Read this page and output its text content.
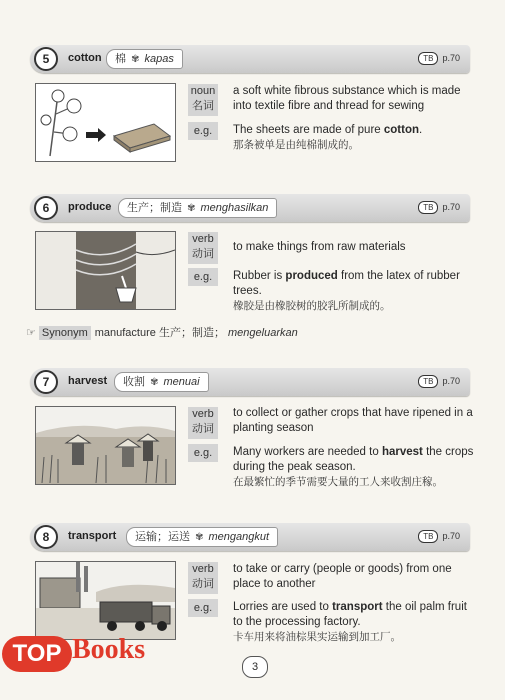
5	cotton	棉 ✾ kapas	TB p.70
noun
名词
a soft white fibrous substance which is made into textile fibre and thread for sewing
e.g.	The sheets are made of pure cotton.
那条被单是由纯棉制成的。
6	produce	生产；制造 ✾ menghasilkan	TB p.70
verb
动词
to make things from raw materials
e.g.	Rubber is produced from the latex of rubber trees.
橡胶是由橡胶树的胶乳所制成的。
☞ Synonym manufacture 生产；制造； mengeluarkan
7	harvest	收割 ✾ menuai	TB p.70
verb
动词
to collect or gather crops that have ripened in a planting season
e.g.	Many workers are needed to harvest the crops during the peak season.
在最繁忙的季节需要大量的工人来收割庄稼。
8	transport	运输；运送 ✾ mengangkut	TB p.70
verb
动词
to take or carry (people or goods) from one place to another
e.g.	Lorries are used to transport the oil palm fruit to the processing factory.
卡车用来将油棕果实运输到加工厂。
3
TOP Books
